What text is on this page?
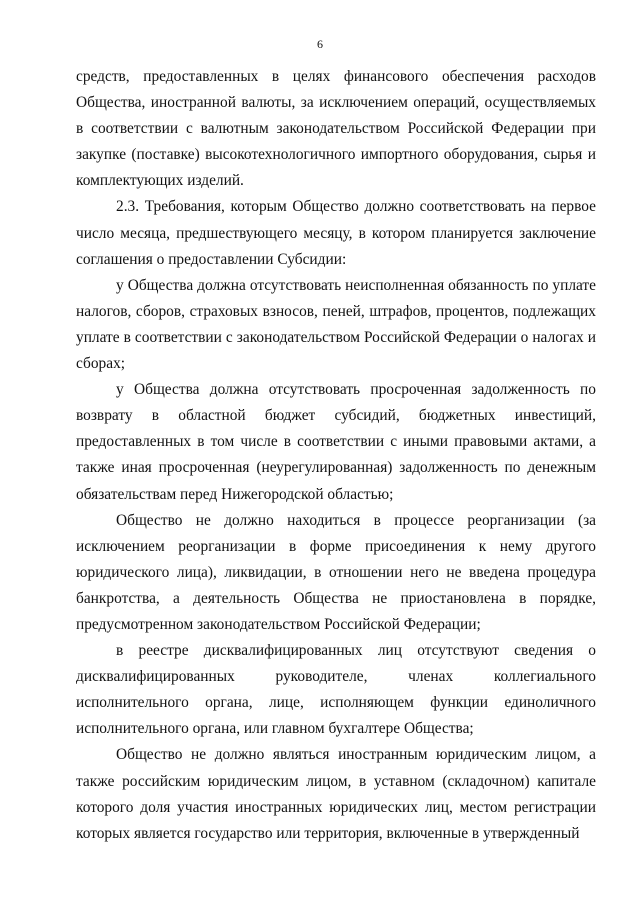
6

средств, предоставленных в целях финансового обеспечения расходов Общества, иностранной валюты, за исключением операций, осуществляемых в соответствии с валютным законодательством Российской Федерации при закупке (поставке) высокотехнологичного импортного оборудования, сырья и комплектующих изделий.

2.3. Требования, которым Общество должно соответствовать на первое число месяца, предшествующего месяцу, в котором планируется заключение соглашения о предоставлении Субсидии:

у Общества должна отсутствовать неисполненная обязанность по уплате налогов, сборов, страховых взносов, пеней, штрафов, процентов, подлежащих уплате в соответствии с законодательством Российской Федерации о налогах и сборах;

у Общества должна отсутствовать просроченная задолженность по возврату в областной бюджет субсидий, бюджетных инвестиций, предоставленных в том числе в соответствии с иными правовыми актами, а также иная просроченная (неурегулированная) задолженность по денежным обязательствам перед Нижегородской областью;

Общество не должно находиться в процессе реорганизации (за исключением реорганизации в форме присоединения к нему другого юридического лица), ликвидации, в отношении него не введена процедура банкротства, а деятельность Общества не приостановлена в порядке, предусмотренном законодательством Российской Федерации;

в реестре дисквалифицированных лиц отсутствуют сведения о дисквалифицированных руководителе, членах коллегиального исполнительного органа, лице, исполняющем функции единоличного исполнительного органа, или главном бухгалтере Общества;

Общество не должно являться иностранным юридическим лицом, а также российским юридическим лицом, в уставном (складочном) капитале которого доля участия иностранных юридических лиц, местом регистрации которых является государство или территория, включенные в утвержденный
